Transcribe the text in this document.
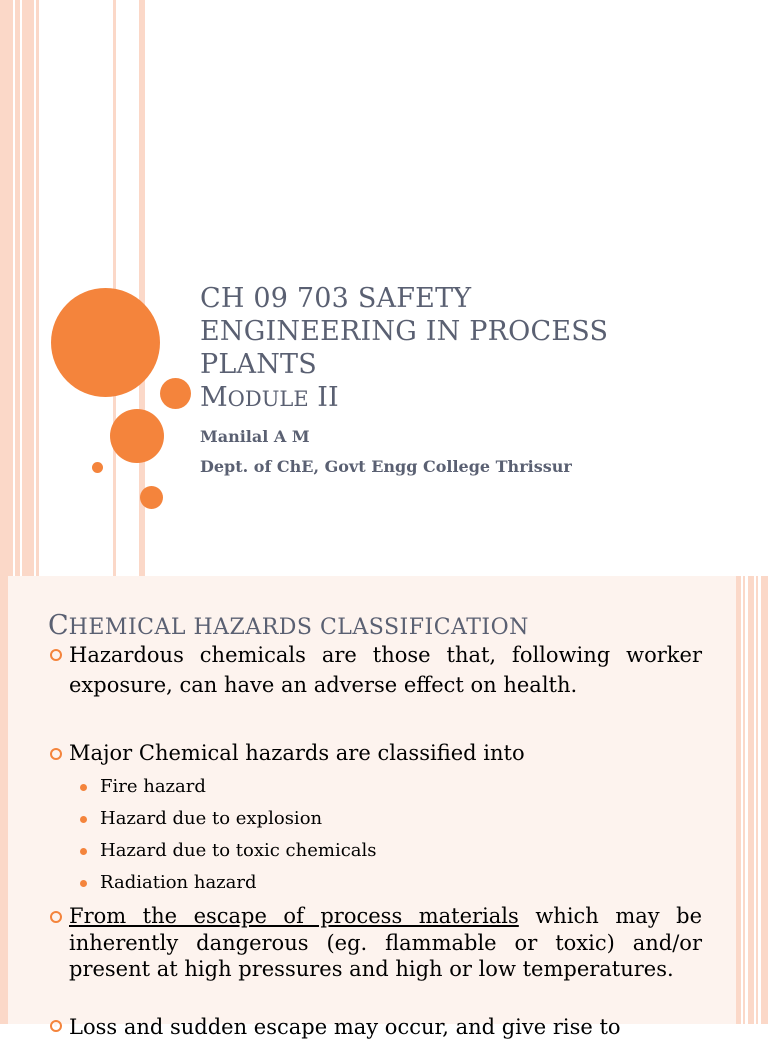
CH 09 703 SAFETY
ENGINEERING IN PROCESS
PLANTS

MODULE II

Manilal A M

Dept. of ChE, Govt Engg College Thrissur

CHEMICAL HAZARDS CLASSIFICATION

Hazardous chemicals are those that, following worker exposure, can have an adverse effect on health.

Major Chemical hazards are classified into

Fire hazard

Hazard due to explosion

Hazard due to toxic chemicals

Radiation hazard

From the escape of process materials which may be inherently dangerous (eg. flammable or toxic) and/or present at high pressures and high or low temperatures.

Loss and sudden escape may occur, and give rise to
